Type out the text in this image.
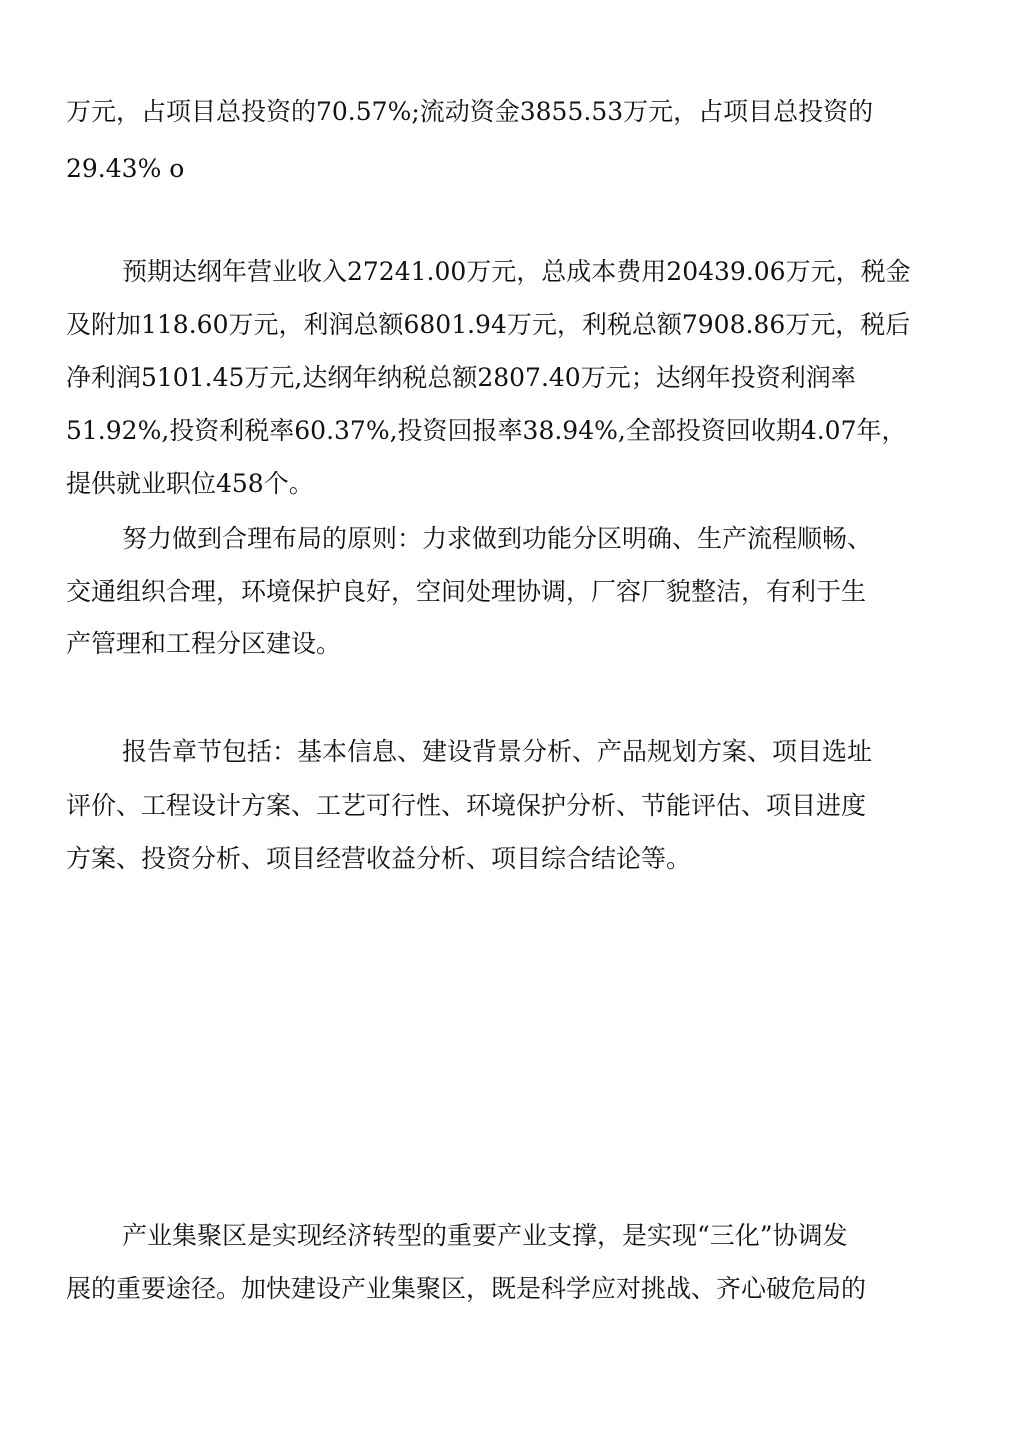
万元，占项目总投资的70.57%;流动资金3855.53万元，占项目总投资的
29.43% o
预期达纲年营业收入27241.00万元，总成本费用20439.06万元，税金
及附加118.60万元，利润总额6801.94万元，利税总额7908.86万元，税后
净利润5101.45万元,达纲年纳税总额2807.40万元；达纲年投资利润率
51.92%,投资利税率60.37%,投资回报率38.94%,全部投资回收期4.07年，
提供就业职位458个。
努力做到合理布局的原则：力求做到功能分区明确、生产流程顺畅、
交通组织合理，环境保护良好，空间处理协调，厂容厂貌整洁，有利于生
产管理和工程分区建设。
报告章节包括：基本信息、建设背景分析、产品规划方案、项目选址
评价、工程设计方案、工艺可行性、环境保护分析、节能评估、项目进度
方案、投资分析、项目经营收益分析、项目综合结论等。
产业集聚区是实现经济转型的重要产业支撑，是实现“三化”协调发
展的重要途径。加快建设产业集聚区，既是科学应对挑战、齐心破危局的
